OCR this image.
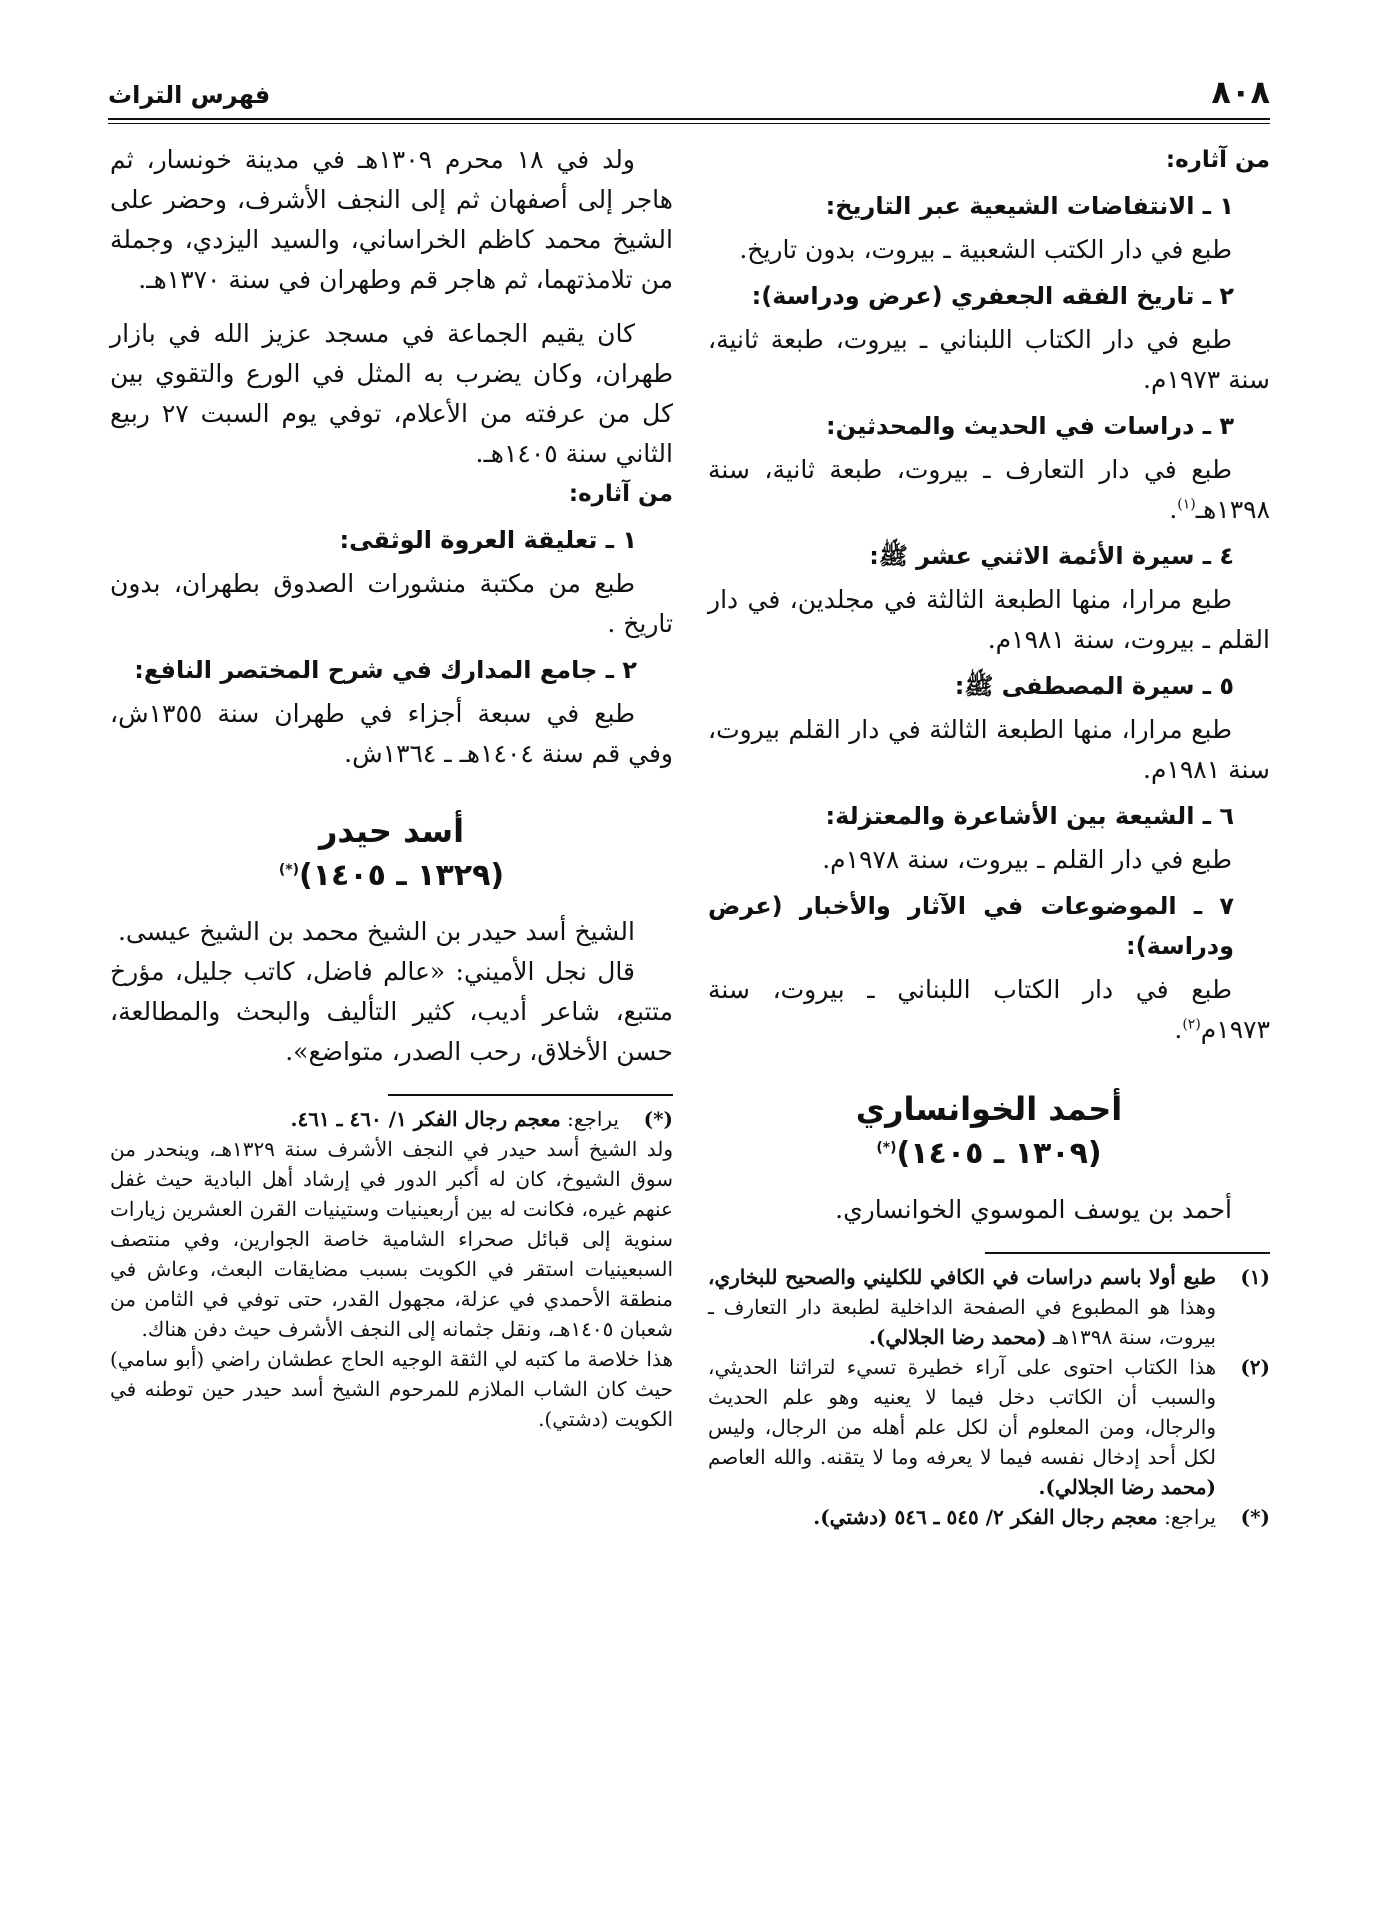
٨٠٨
فهرس التراث

من آثاره:

١ ـ الانتفاضات الشيعية عبر التاريخ:

طبع في دار الكتب الشعبية ـ بيروت، بدون تاريخ.

٢ ـ تاريخ الفقه الجعفري (عرض ودراسة):

طبع في دار الكتاب اللبناني ـ بيروت، طبعة ثانية، سنة ١٩٧٣م.

٣ ـ دراسات في الحديث والمحدثين:

طبع في دار التعارف ـ بيروت، طبعة ثانية، سنة ١٣٩٨هـ$^{(١)}$.

٤ ـ سيرة الأئمة الاثني عشر ﷺ:

طبع مرارا، منها الطبعة الثالثة في مجلدين، في دار القلم ـ بيروت، سنة ١٩٨١م.

٥ ـ سيرة المصطفى ﷺ:

طبع مرارا، منها الطبعة الثالثة في دار القلم بيروت، سنة ١٩٨١م.

٦ ـ الشيعة بين الأشاعرة والمعتزلة:

طبع في دار القلم ـ بيروت، سنة ١٩٧٨م.

٧ ـ الموضوعات في الآثار والأخبار (عرض ودراسة):

طبع في دار الكتاب اللبناني ـ بيروت، سنة ١٩٧٣م$^{(٢)}$.

أحمد الخوانساري

(١٣٠٩ ـ ١٤٠٥)(*)

أحمد بن يوسف الموسوي الخوانساري.

(١)
طبع أولا باسم دراسات في الكافي للكليني والصحيح للبخاري، وهذا هو المطبوع في الصفحة الداخلية لطبعة دار التعارف ـ بيروت، سنة ١٣٩٨هـ (محمد رضا الجلالي).
(٢)
هذا الكتاب احتوى على آراء خطيرة تسيء لتراثنا الحديثي، والسبب أن الكاتب دخل فيما لا يعنيه وهو علم الحديث والرجال، ومن المعلوم أن لكل علم أهله من الرجال، وليس لكل أحد إدخال نفسه فيما لا يعرفه وما لا يتقنه. والله العاصم (محمد رضا الجلالي).
(*)
يراجع: معجم رجال الفكر ٢/ ٥٤٥ ـ ٥٤٦ (دشتي).

ولد في ١٨ محرم ١٣٠٩هـ في مدينة خونسار، ثم هاجر إلى أصفهان ثم إلى النجف الأشرف، وحضر على الشيخ محمد كاظم الخراساني، والسيد اليزدي، وجملة من تلامذتهما، ثم هاجر قم وطهران في سنة ١٣٧٠هـ.

كان يقيم الجماعة في مسجد عزيز الله في بازار طهران، وكان يضرب به المثل في الورع والتقوي بين كل من عرفته من الأعلام، توفي يوم السبت ٢٧ ربيع الثاني سنة ١٤٠٥هـ.

من آثاره:

١ ـ تعليقة العروة الوثقى:

طبع من مكتبة منشورات الصدوق بطهران، بدون تاريخ .

٢ ـ جامع المدارك في شرح المختصر النافع:

طبع في سبعة أجزاء في طهران سنة ١٣٥٥ش، وفي قم سنة ١٤٠٤هـ ـ ١٣٦٤ش.

أسد حيدر

(١٣٢٩ ـ ١٤٠٥)(*)

الشيخ أسد حيدر بن الشيخ محمد بن الشيخ عيسى.

قال نجل الأميني: «عالم فاضل، كاتب جليل، مؤرخ متتبع، شاعر أديب، كثير التأليف والبحث والمطالعة، حسن الأخلاق، رحب الصدر، متواضع».

(*)
يراجع: معجم رجال الفكر ١/ ٤٦٠ ـ ٤٦١.

ولد الشيخ أسد حيدر في النجف الأشرف سنة ١٣٢٩هـ، وينحدر من سوق الشيوخ، كان له أكبر الدور في إرشاد أهل البادية حيث غفل عنهم غيره، فكانت له بين أربعينيات وستينيات القرن العشرين زيارات سنوية إلى قبائل صحراء الشامية خاصة الجوارين، وفي منتصف السبعينيات استقر في الكويت بسبب مضايقات البعث، وعاش في منطقة الأحمدي في عزلة، مجهول القدر، حتى توفي في الثامن من شعبان ١٤٠٥هـ، ونقل جثمانه إلى النجف الأشرف حيث دفن هناك.

هذا خلاصة ما كتبه لي الثقة الوجيه الحاج عطشان راضي (أبو سامي) حيث كان الشاب الملازم للمرحوم الشيخ أسد حيدر حين توطنه في الكويت (دشتي).
